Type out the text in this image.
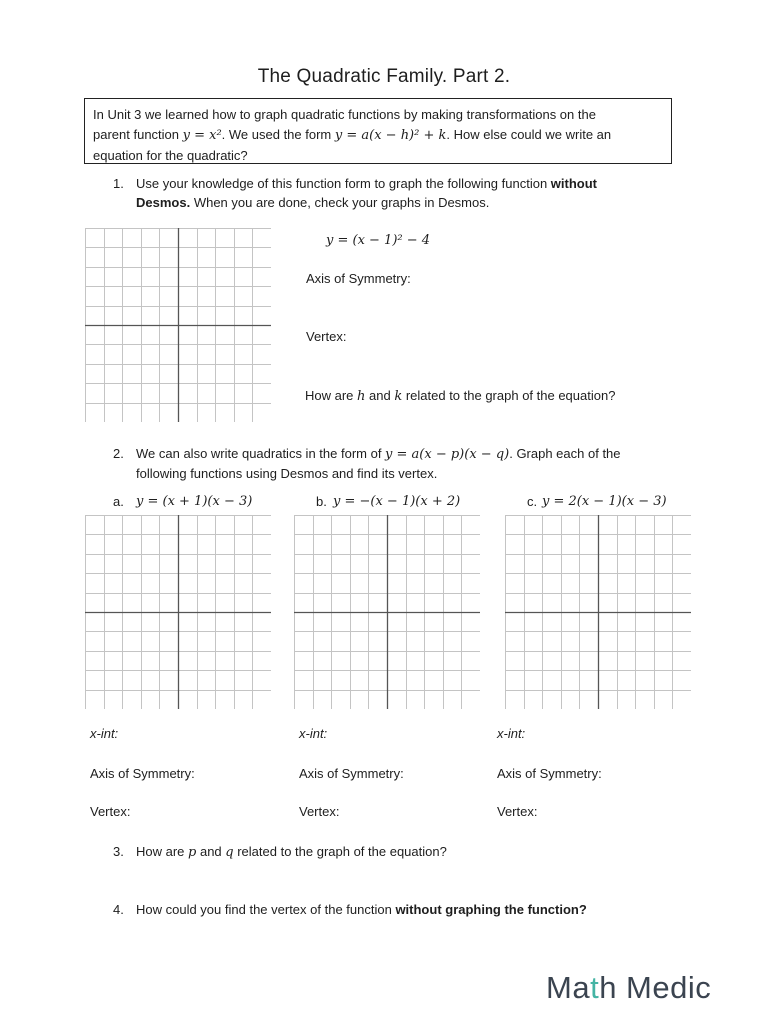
The Quadratic Family. Part 2.
In Unit 3 we learned how to graph quadratic functions by making transformations on the
parent function y = x². We used the form y = a(x − h)² + k. How else could we write an
equation for the quadratic?
1. Use your knowledge of this function form to graph the following function without
Desmos. When you are done, check your graphs in Desmos.
y = (x − 1)² − 4
Axis of Symmetry:
Vertex:
How are h and k related to the graph of the equation?
2. We can also write quadratics in the form of y = a(x − p)(x − q). Graph each of the
following functions using Desmos and find its vertex.
a. y = (x + 1)(x − 3)	b. y = −(x − 1)(x + 2)	c. y = 2(x − 1)(x − 3)
x-int:
Axis of Symmetry:
Vertex:
x-int:
Axis of Symmetry:
Vertex:
x-int:
Axis of Symmetry:
Vertex:
3. How are p and q related to the graph of the equation?
4. How could you find the vertex of the function without graphing the function?
Math Medic
